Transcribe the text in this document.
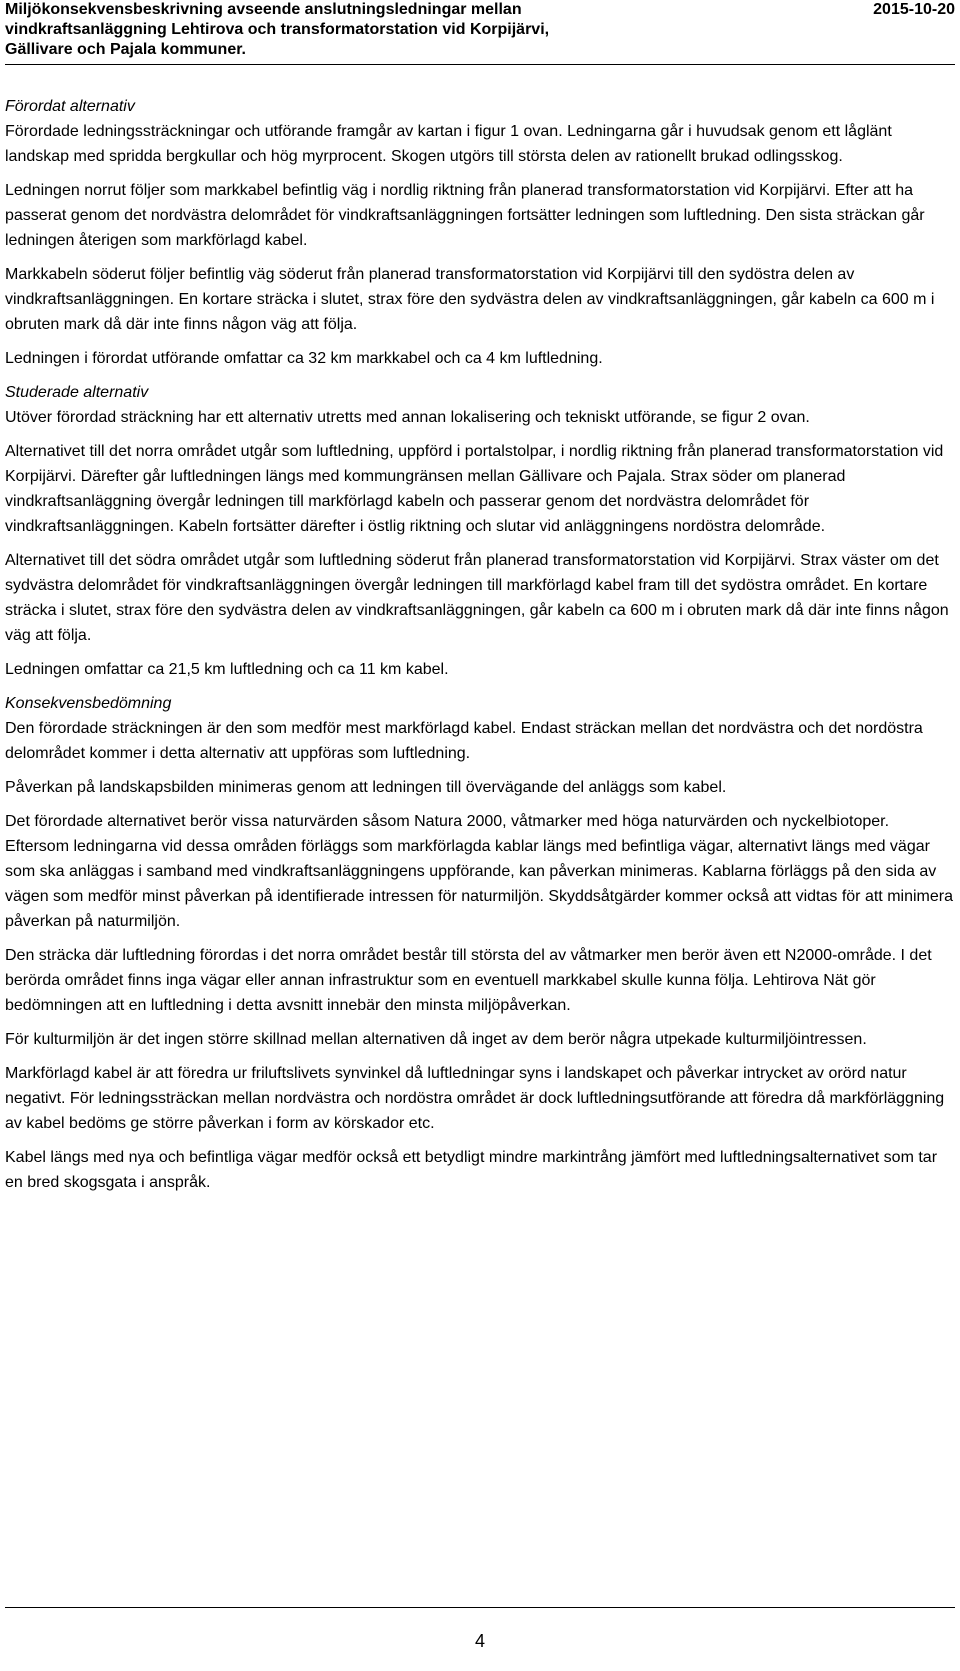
Miljökonsekvensbeskrivning avseende anslutningsledningar mellan
vindkraftsanläggning Lehtirova och transformatorstation vid Korpijärvi,
Gällivare och Pajala kommuner.
2015-10-20
Förordat alternativ

Förordade ledningssträckningar och utförande framgår av kartan i figur 1 ovan. Ledningarna går i huvudsak genom ett låglänt landskap med spridda bergkullar och hög myrprocent. Skogen utgörs till största delen av rationellt brukad odlingsskog.

Ledningen norrut följer som markkabel befintlig väg i nordlig riktning från planerad transformatorstation vid Korpijärvi. Efter att ha passerat genom det nordvästra delområdet för vindkraftsanläggningen fortsätter ledningen som luftledning. Den sista sträckan går ledningen återigen som markförlagd kabel.

Markkabeln söderut följer befintlig väg söderut från planerad transformatorstation vid Korpijärvi till den sydöstra delen av vindkraftsanläggningen. En kortare sträcka i slutet, strax före den sydvästra delen av vindkraftsanläggningen, går kabeln ca 600 m i obruten mark då där inte finns någon väg att följa.

Ledningen i förordat utförande omfattar ca 32 km markkabel och ca 4 km luftledning.

Studerade alternativ

Utöver förordad sträckning har ett alternativ utretts med annan lokalisering och tekniskt utförande, se figur 2 ovan.

Alternativet till det norra området utgår som luftledning, uppförd i portalstolpar, i nordlig riktning från planerad transformatorstation vid Korpijärvi. Därefter går luftledningen längs med kommungränsen mellan Gällivare och Pajala. Strax söder om planerad vindkraftsanläggning övergår ledningen till markförlagd kabeln och passerar genom det nordvästra delområdet för vindkraftsanläggningen. Kabeln fortsätter därefter i östlig riktning och slutar vid anläggningens nordöstra delområde.

Alternativet till det södra området utgår som luftledning söderut från planerad transformatorstation vid Korpijärvi. Strax väster om det sydvästra delområdet för vindkraftsanläggningen övergår ledningen till markförlagd kabel fram till det sydöstra området. En kortare sträcka i slutet, strax före den sydvästra delen av vindkraftsanläggningen, går kabeln ca 600 m i obruten mark då där inte finns någon väg att följa.

Ledningen omfattar ca 21,5 km luftledning och ca 11 km kabel.

Konsekvensbedömning

Den förordade sträckningen är den som medför mest markförlagd kabel. Endast sträckan mellan det nordvästra och det nordöstra delområdet kommer i detta alternativ att uppföras som luftledning.

Påverkan på landskapsbilden minimeras genom att ledningen till övervägande del anläggs som kabel.

Det förordade alternativet berör vissa naturvärden såsom Natura 2000, våtmarker med höga naturvärden och nyckelbiotoper. Eftersom ledningarna vid dessa områden förläggs som markförlagda kablar längs med befintliga vägar, alternativt längs med vägar som ska anläggas i samband med vindkraftsanläggningens uppförande, kan påverkan minimeras. Kablarna förläggs på den sida av vägen som medför minst påverkan på identifierade intressen för naturmiljön. Skyddsåtgärder kommer också att vidtas för att minimera påverkan på naturmiljön.

Den sträcka där luftledning förordas i det norra området består till största del av våtmarker men berör även ett N2000-område. I det berörda området finns inga vägar eller annan infrastruktur som en eventuell markkabel skulle kunna följa. Lehtirova Nät gör bedömningen att en luftledning i detta avsnitt innebär den minsta miljöpåverkan.

För kulturmiljön är det ingen större skillnad mellan alternativen då inget av dem berör några utpekade kulturmiljöintressen.

Markförlagd kabel är att föredra ur friluftslivets synvinkel då luftledningar syns i landskapet och påverkar intrycket av orörd natur negativt. För ledningssträckan mellan nordvästra och nordöstra området är dock luftledningsutförande att föredra då markförläggning av kabel bedöms ge större påverkan i form av körskador etc.

Kabel längs med nya och befintliga vägar medför också ett betydligt mindre markintrång jämfört med luftledningsalternativet som tar en bred skogsgata i anspråk.

4
